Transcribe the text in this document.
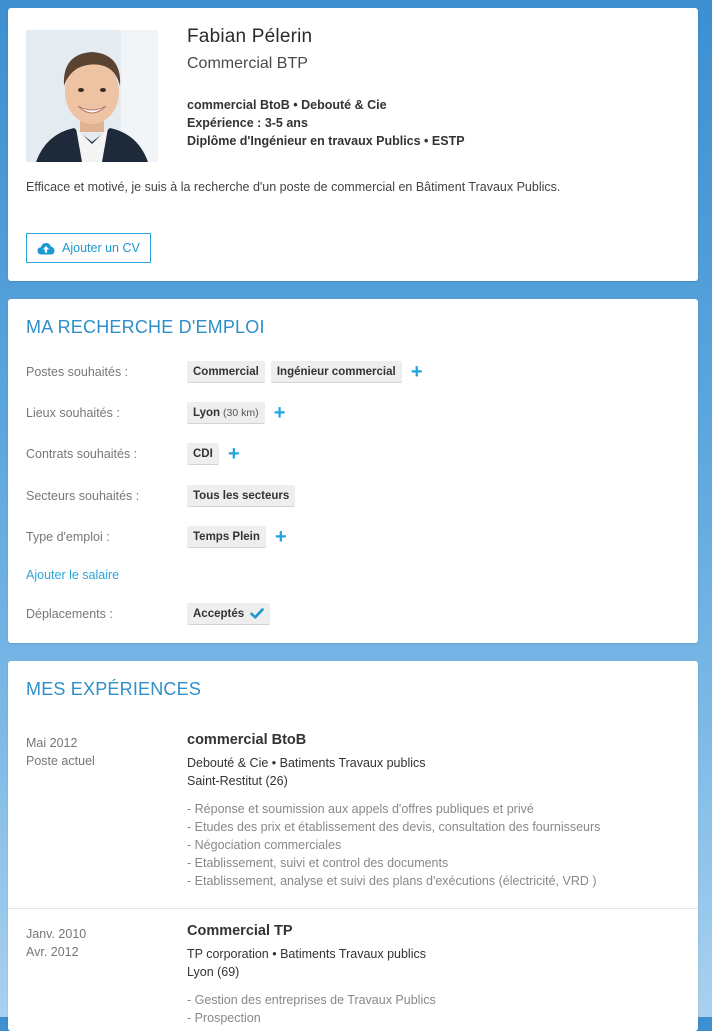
Fabian Pélerin
Commercial BTP
commercial BtoB • Debouté & Cie
Expérience : 3-5 ans
Diplôme d'Ingénieur en travaux Publics • ESTP
Efficace et motivé, je suis à la recherche d'un poste de commercial en Bâtiment Travaux Publics.
Ajouter un CV
MA RECHERCHE D'EMPLOI
Postes souhaités :	Commercial	Ingénieur commercial +
Lieux souhaités :	Lyon (30 km) +
Contrats souhaités :	CDI +
Secteurs souhaités :	Tous les secteurs
Type d'emploi :	Temps Plein +
Ajouter le salaire
Déplacements :	Acceptés
MES EXPÉRIENCES
Mai 2012
Poste actuel
commercial BtoB
Debouté & Cie • Batiments Travaux publics
Saint-Restitut (26)
- Réponse et soumission aux appels d'offres publiques et privé
- Etudes des prix et établissement des devis, consultation des fournisseurs
- Négociation commerciales
- Etablissement, suivi et control des documents
- Etablissement, analyse et suivi des plans d'exécutions (électricité, VRD )
Janv. 2010
Avr. 2012
Commercial TP
TP corporation • Batiments Travaux publics
Lyon (69)
- Gestion des entreprises de Travaux Publics
- Prospection
